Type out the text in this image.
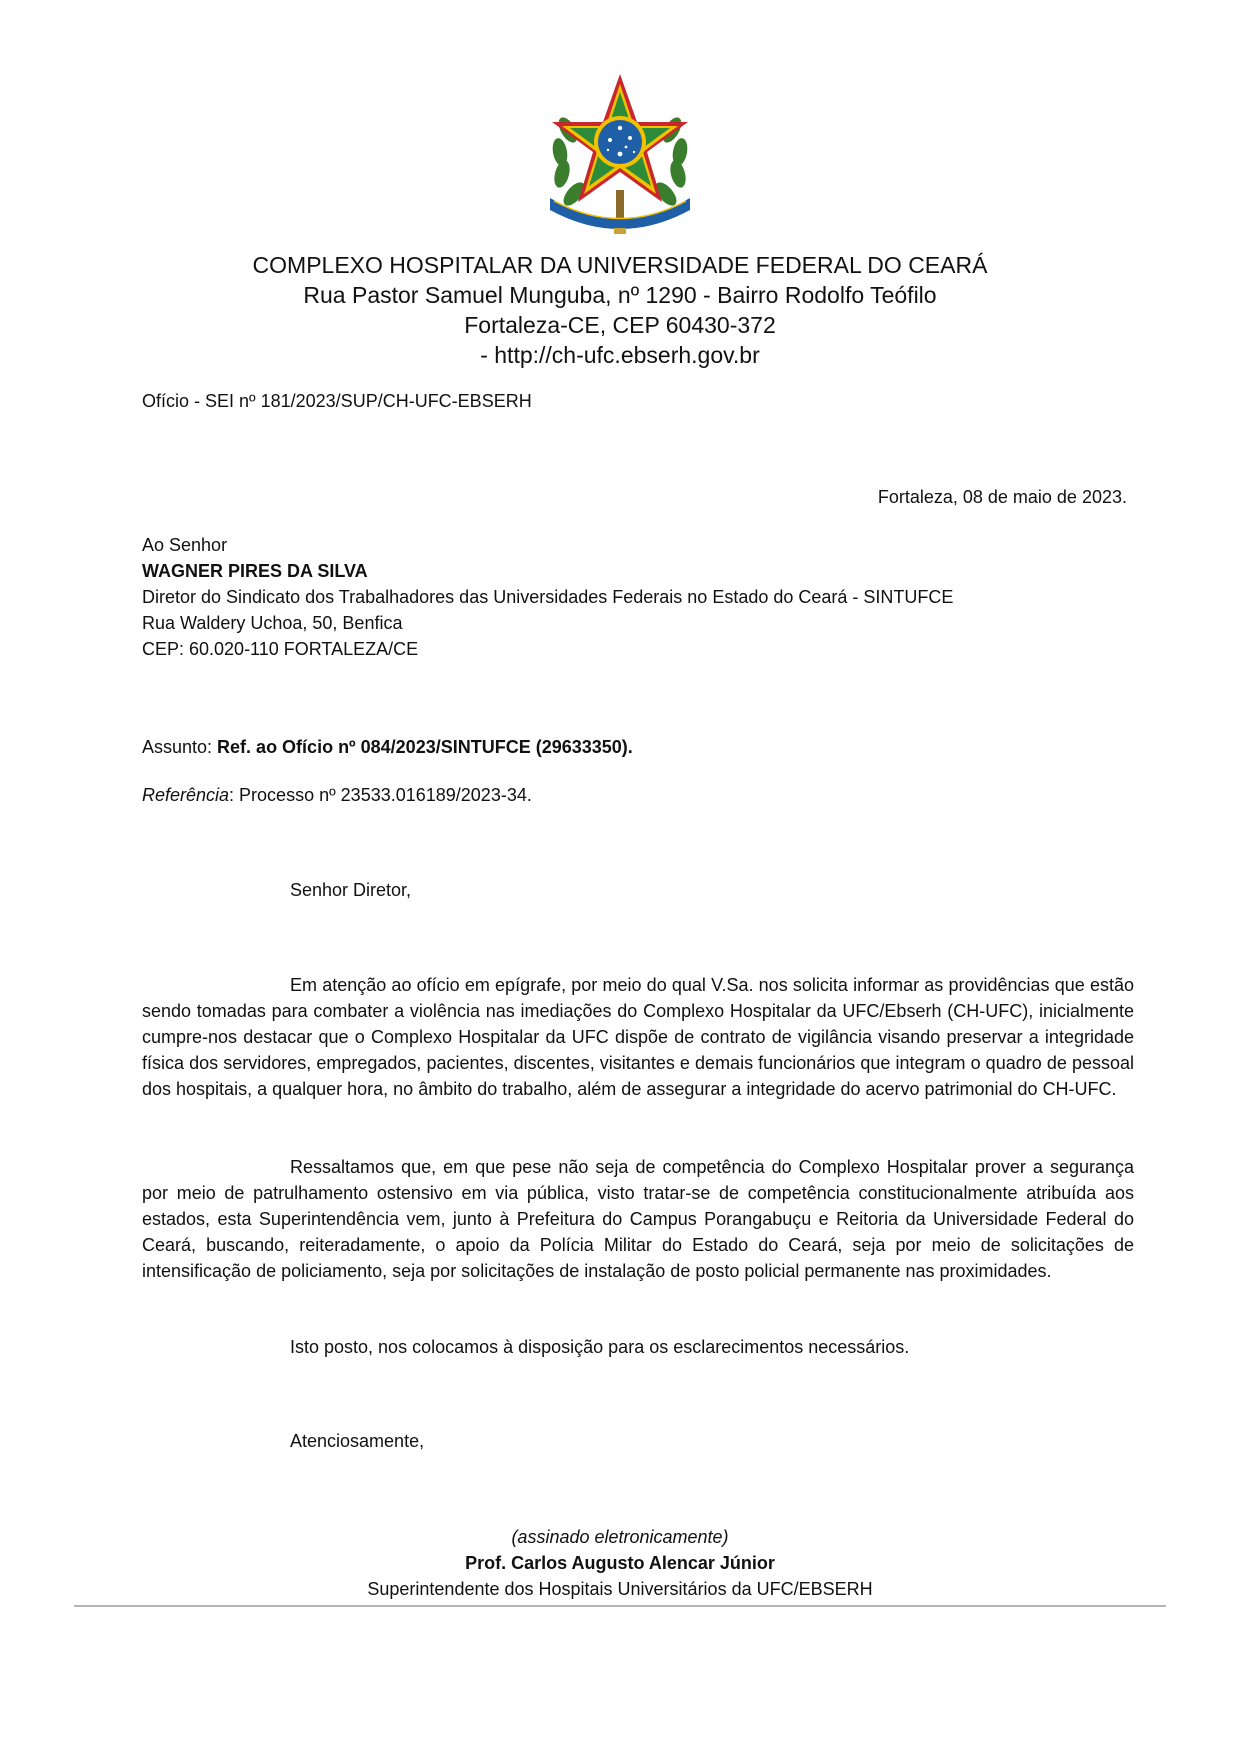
COMPLEXO HOSPITALAR DA UNIVERSIDADE FEDERAL DO CEARÁ
Rua Pastor Samuel Munguba, nº 1290 - Bairro Rodolfo Teófilo
Fortaleza-CE, CEP 60430-372
- http://ch-ufc.ebserh.gov.br
Ofício - SEI nº 181/2023/SUP/CH-UFC-EBSERH
Fortaleza, 08 de maio de 2023.
Ao Senhor
WAGNER PIRES DA SILVA
Diretor do Sindicato dos Trabalhadores das Universidades Federais no Estado do Ceará - SINTUFCE
Rua Waldery Uchoa, 50, Benfica
CEP: 60.020-110 FORTALEZA/CE
Assunto: Ref. ao Ofício nº 084/2023/SINTUFCE (29633350).
Referência: Processo nº 23533.016189/2023-34.
Senhor Diretor,
Em atenção ao ofício em epígrafe, por meio do qual V.Sa. nos solicita informar as providências que estão sendo tomadas para combater a violência nas imediações do Complexo Hospitalar da UFC/Ebserh (CH-UFC), inicialmente cumpre-nos destacar que o Complexo Hospitalar da UFC dispõe de contrato de vigilância visando preservar a integridade física dos servidores, empregados, pacientes, discentes, visitantes e demais funcionários que integram o quadro de pessoal dos hospitais, a qualquer hora, no âmbito do trabalho, além de assegurar a integridade do acervo patrimonial do CH-UFC.
Ressaltamos que, em que pese não seja de competência do Complexo Hospitalar prover a segurança por meio de patrulhamento ostensivo em via pública, visto tratar-se de competência constitucionalmente atribuída aos estados, esta Superintendência vem, junto à Prefeitura do Campus Porangabuçu e Reitoria da Universidade Federal do Ceará, buscando, reiteradamente, o apoio da Polícia Militar do Estado do Ceará, seja por meio de solicitações de intensificação de policiamento, seja por solicitações de instalação de posto policial permanente nas proximidades.
Isto posto, nos colocamos à disposição para os esclarecimentos necessários.
Atenciosamente,
(assinado eletronicamente)
Prof. Carlos Augusto Alencar Júnior
Superintendente dos Hospitais Universitários da UFC/EBSERH
